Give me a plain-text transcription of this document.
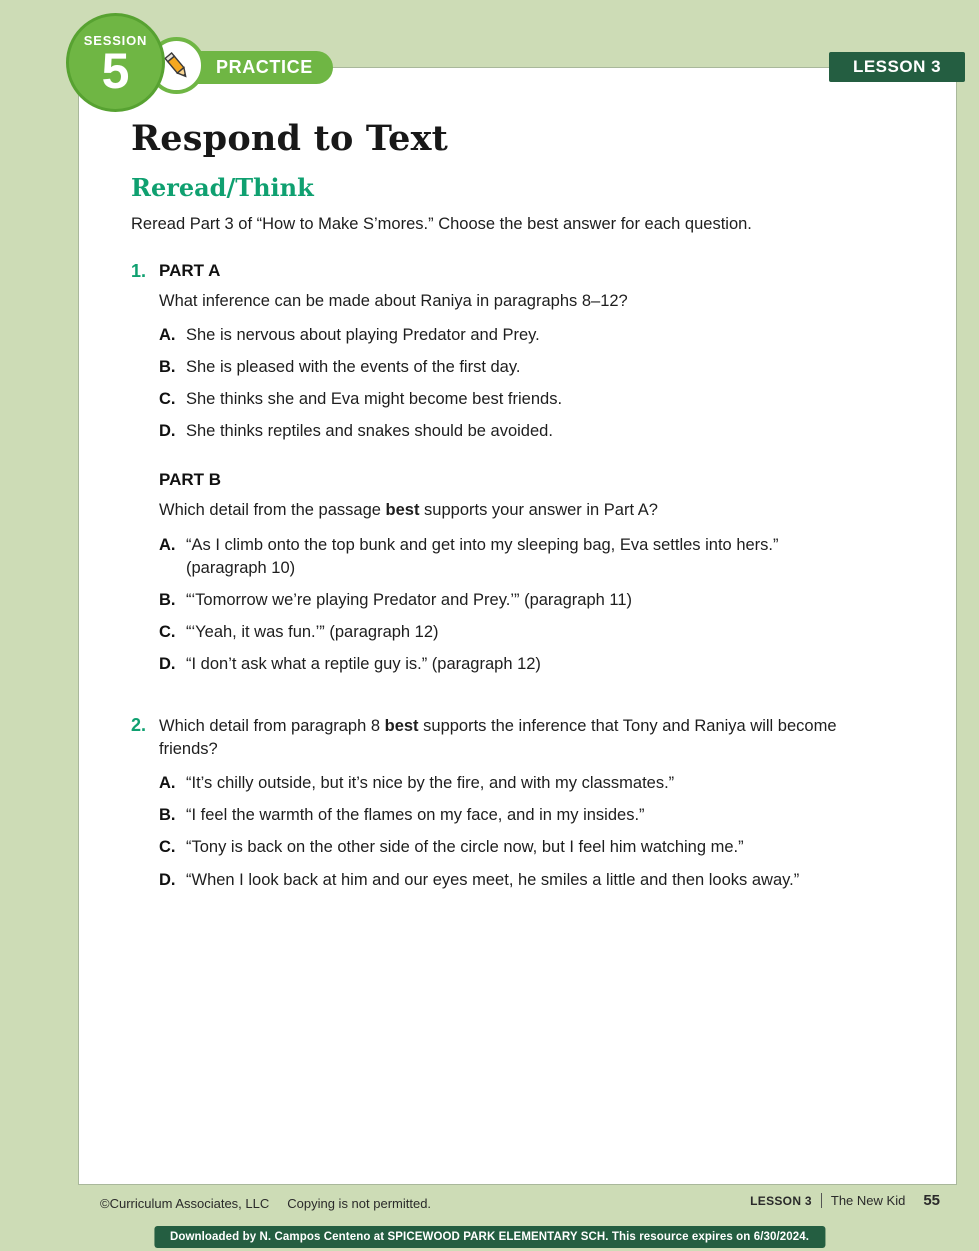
Respond to Text
Reread/Think

Reread Part 3 of “How to Make S’mores.” Choose the best answer for each question.

1. PART A
What inference can be made about Raniya in paragraphs 8–12?
A. She is nervous about playing Predator and Prey.
B. She is pleased with the events of the first day.
C. She thinks she and Eva might become best friends.
D. She thinks reptiles and snakes should be avoided.
PART B
Which detail from the passage best supports your answer in Part A?
A. “As I climb onto the top bunk and get into my sleeping bag, Eva settles into hers.” (paragraph 10)
B. “‘Tomorrow we’re playing Predator and Prey.’” (paragraph 11)
C. “‘Yeah, it was fun.’” (paragraph 12)
D. “I don’t ask what a reptile guy is.” (paragraph 12)
2. Which detail from paragraph 8 best supports the inference that Tony and Raniya will become friends?
A. “It’s chilly outside, but it’s nice by the fire, and with my classmates.”
B. “I feel the warmth of the flames on my face, and in my insides.”
C. “Tony is back on the other side of the circle now, but I feel him watching me.”
D. “When I look back at him and our eyes meet, he smiles a little and then looks away.”
PRACTICE
SESSION
5	LESSON 3
©Curriculum Associates, LLC Copying is not permitted.	LESSON 3 The New Kid 55
Downloaded by N. Campos Centeno at SPICEWOOD PARK ELEMENTARY SCH. This resource expires on 6/30/2024.
